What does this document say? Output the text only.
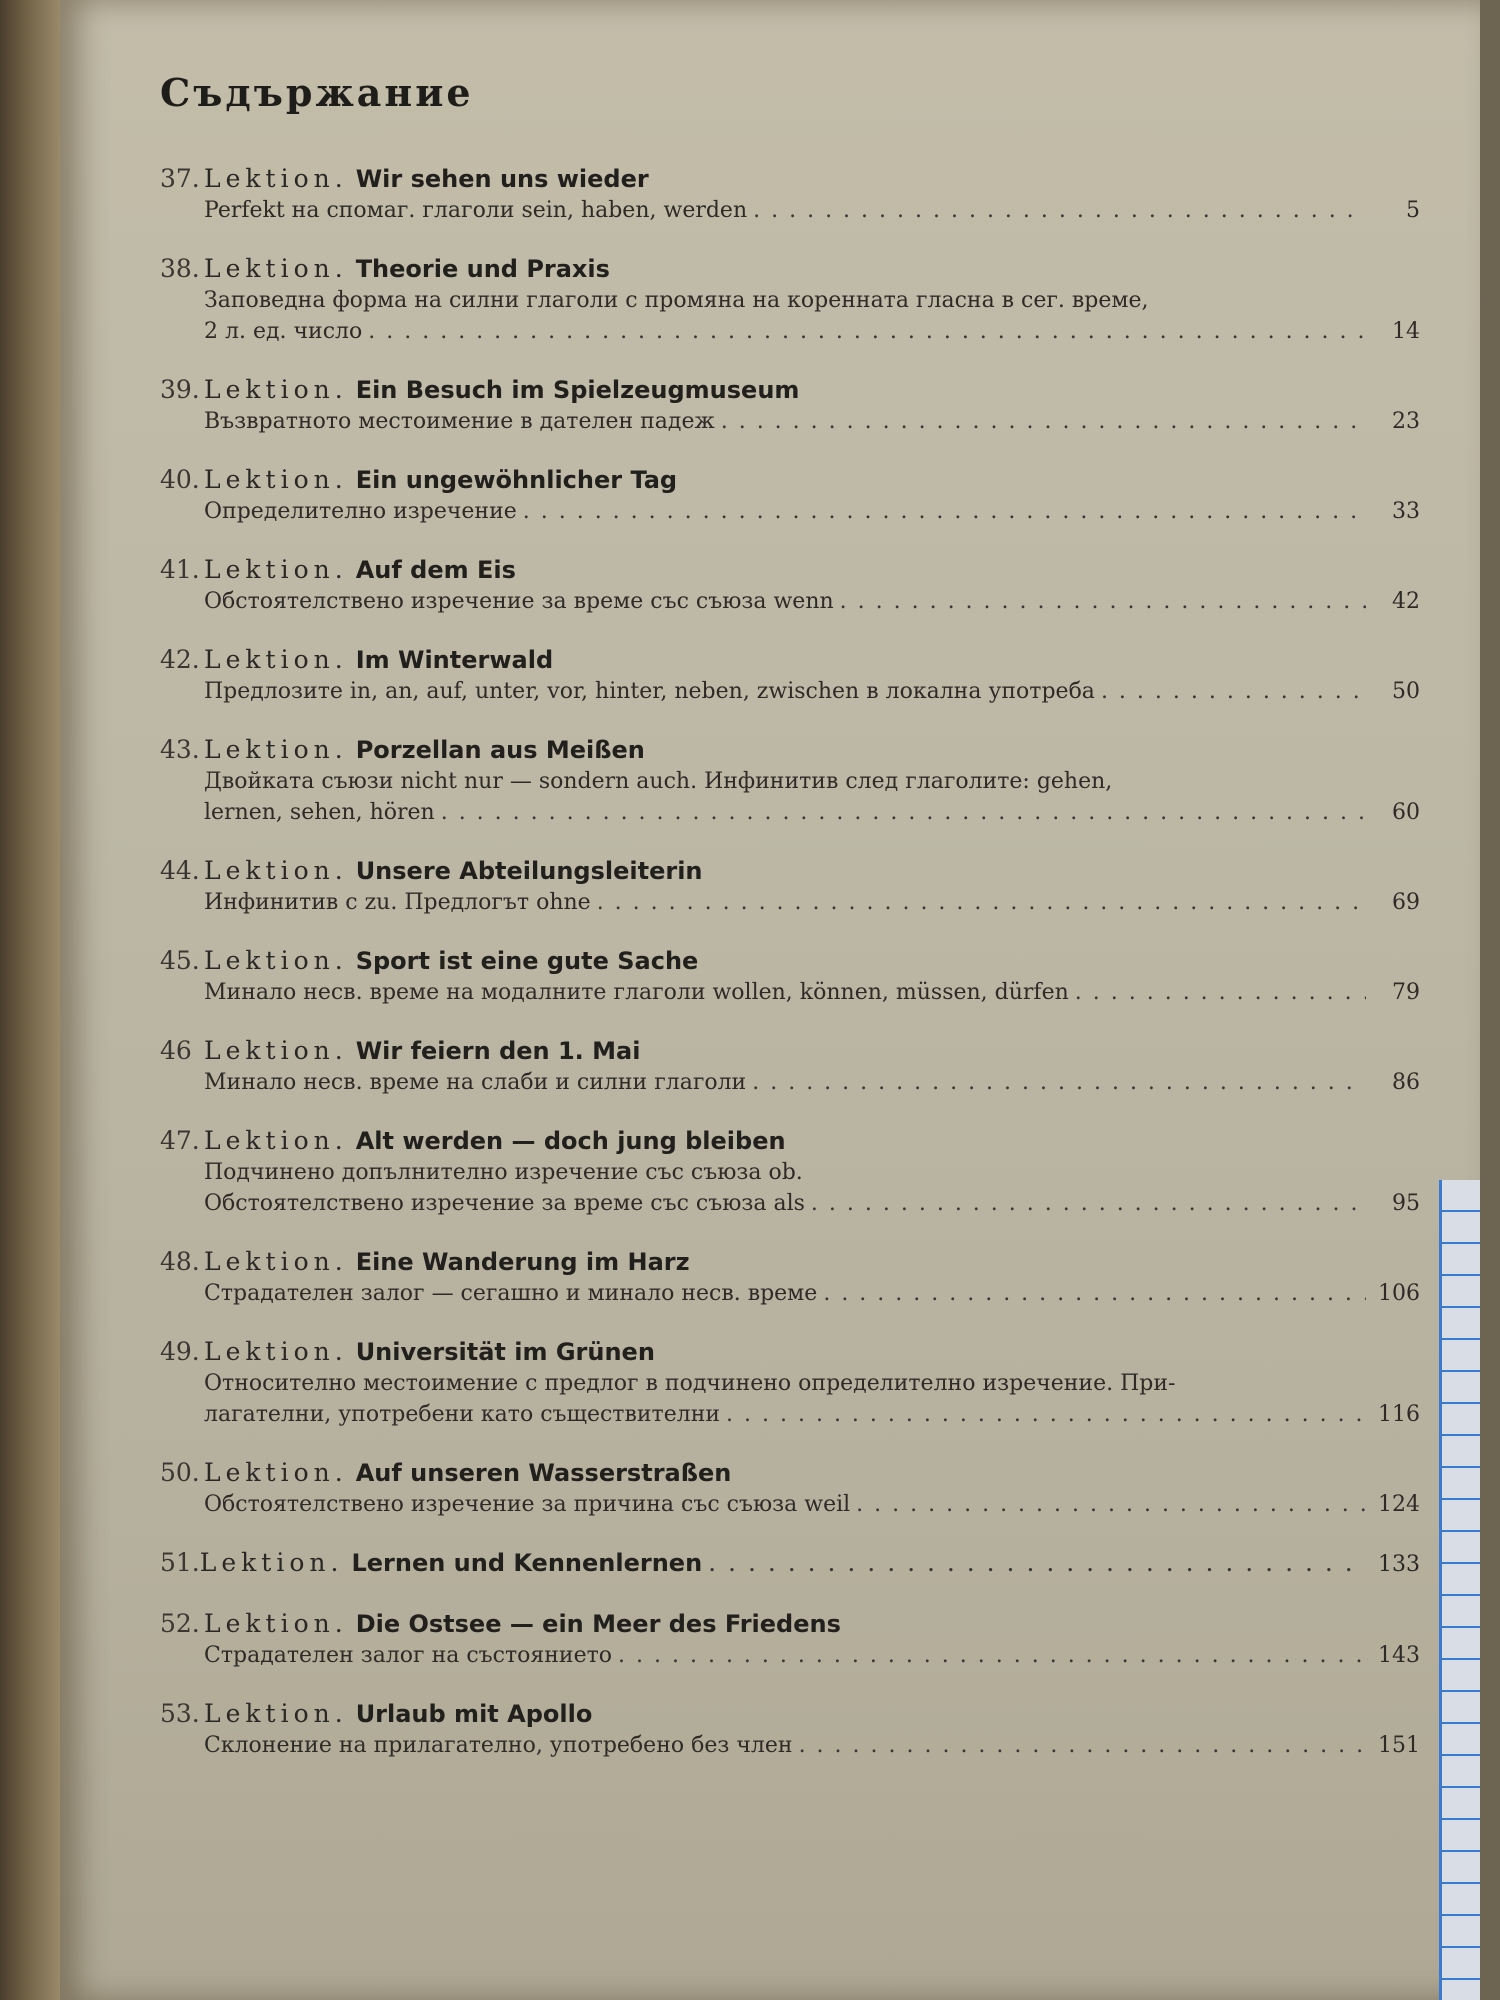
Съдържание
37. Lektion. Wir sehen uns wieder
Perfekt на спомаг. глаголи sein, haben, werden . . .	5
38. Lektion. Theorie und Praxis
Заповедна форма на силни глаголи с промяна на коренната гласна в сег. време,
2 л. ед. число . . .	14
39. Lektion. Ein Besuch im Spielzeugmuseum
Възвратното местоимение в дателен падеж . . .	23
40. Lektion. Ein ungewöhnlicher Tag
Определително изречение . . .	33
41. Lektion. Auf dem Eis
Обстоятелствено изречение за време със съюза wenn . . .	42
42. Lektion. Im Winterwald
Предлозите in, an, auf, unter, vor, hinter, neben, zwischen в локална употреба . . .	50
43. Lektion. Porzellan aus Meißen
Двойката съюзи nicht nur — sondern auch. Инфинитив след глаголите: gehen,
lernen, sehen, hören . . .	60
44. Lektion. Unsere Abteilungsleiterin
Инфинитив с zu. Предлогът ohne . . .	69
45. Lektion. Sport ist eine gute Sache
Минало несв. време на модалните глаголи wollen, können, müssen, dürfen . . .	79
46 Lektion. Wir feiern den 1. Mai
Минало несв. време на слаби и силни глаголи . . .	86
47. Lektion. Alt werden — doch jung bleiben
Подчинено допълнително изречение със съюза ob.
Обстоятелствено изречение за време със съюза als . . .	95
48. Lektion. Eine Wanderung im Harz
Страдателен залог — сегашно и минало несв. време . . .	106
49. Lektion. Universität im Grünen
Относително местоимение с предлог в подчинено определително изречение. При-
лагателни, употребени като съществителни . . .	116
50. Lektion. Auf unseren Wasserstraßen
Обстоятелствено изречение за причина със съюза weil . . .	124
51. Lektion. Lernen und Kennenlernen . . .	133
52. Lektion. Die Ostsee — ein Meer des Friedens
Страдателен залог на състоянието . . .	143
53. Lektion. Urlaub mit Apollo
Склонение на прилагателно, употребено без член . . .	151
